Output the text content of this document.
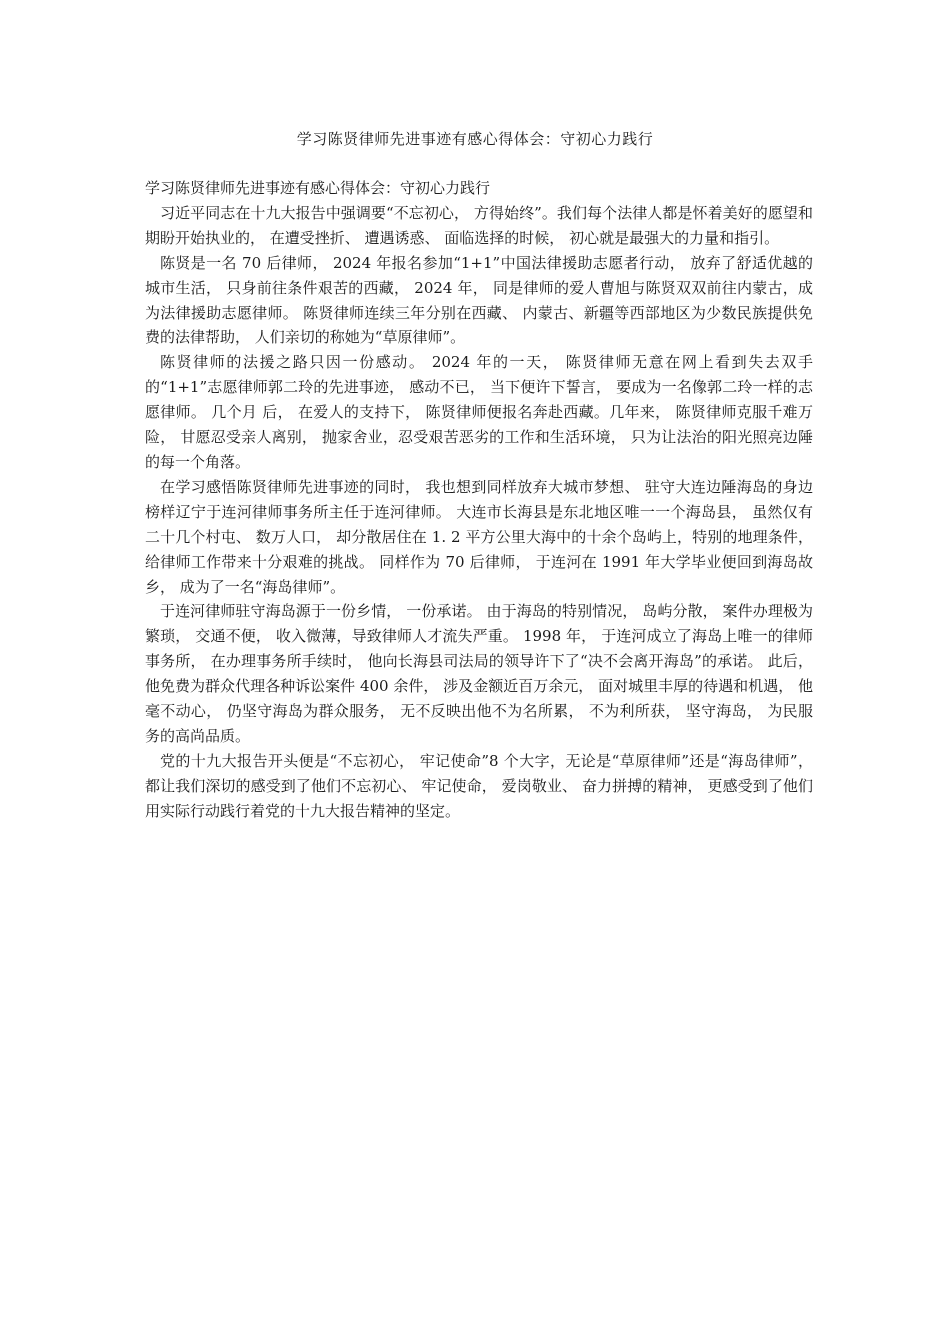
学习陈贤律师先进事迹有感心得体会：守初心力践行

学习陈贤律师先进事迹有感心得体会：守初心力践行

习近平同志在十九大报告中强调要“不忘初心， 方得始终”。我们每个法律人都是怀着美好的愿望和期盼开始执业的， 在遭受挫折、 遭遇诱惑、 面临选择的时候， 初心就是最强大的力量和指引。

陈贤是一名 70 后律师， 2024 年报名参加“1+1”中国法律援助志愿者行动， 放弃了舒适优越的城市生活， 只身前往条件艰苦的西藏， 2024 年， 同是律师的爱人曹旭与陈贤双双前往内蒙古，成为法律援助志愿律师。 陈贤律师连续三年分别在西藏、 内蒙古、新疆等西部地区为少数民族提供免费的法律帮助， 人们亲切的称她为“草原律师”。

陈贤律师的法援之路只因一份感动。 2024 年的一天， 陈贤律师无意在网上看到失去双手的“1+1”志愿律师郭二玲的先进事迹， 感动不已， 当下便许下誓言， 要成为一名像郭二玲一样的志愿律师。 几个月 后， 在爱人的支持下， 陈贤律师便报名奔赴西藏。几年来， 陈贤律师克服千难万险， 甘愿忍受亲人离别， 抛家舍业，忍受艰苦恶劣的工作和生活环境， 只为让法治的阳光照亮边陲的每一个角落。

在学习感悟陈贤律师先进事迹的同时， 我也想到同样放弃大城市梦想、 驻守大连边陲海岛的身边榜样辽宁于连河律师事务所主任于连河律师。 大连市长海县是东北地区唯一一个海岛县， 虽然仅有二十几个村屯、 数万人口， 却分散居住在 1. 2 平方公里大海中的十余个岛屿上，特别的地理条件， 给律师工作带来十分艰难的挑战。 同样作为 70 后律师， 于连河在 1991 年大学毕业便回到海岛故乡， 成为了一名“海岛律师”。

于连河律师驻守海岛源于一份乡情， 一份承诺。 由于海岛的特别情况， 岛屿分散， 案件办理极为繁琐， 交通不便， 收入微薄，导致律师人才流失严重。 1998 年， 于连河成立了海岛上唯一的律师事务所， 在办理事务所手续时， 他向长海县司法局的领导许下了“决不会离开海岛”的承诺。 此后， 他免费为群众代理各种诉讼案件 400 余件， 涉及金额近百万余元， 面对城里丰厚的待遇和机遇， 他毫不动心， 仍坚守海岛为群众服务， 无不反映出他不为名所累， 不为利所获， 坚守海岛， 为民服务的高尚品质。

党的十九大报告开头便是“不忘初心， 牢记使命”8 个大字，无论是“草原律师”还是“海岛律师”， 都让我们深切的感受到了他们不忘初心、 牢记使命， 爱岗敬业、 奋力拼搏的精神， 更感受到了他们用实际行动践行着党的十九大报告精神的坚定。
